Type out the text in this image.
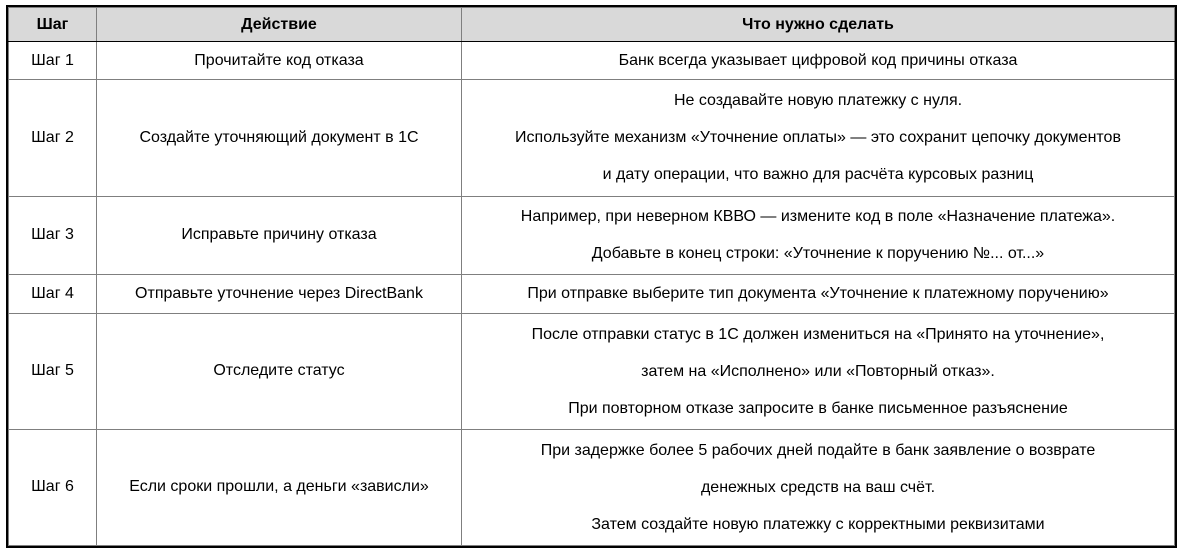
Шаг	Действие	Что нужно сделать
Шаг 1	Прочитайте код отказа	Банк всегда указывает цифровой код причины отказа

Шаг 2	Создайте уточняющий документ в 1С	Не создавайте новую платежку с нуля.
Используйте механизм «Уточнение оплаты» — это сохранит цепочку документов
и дату операции, что важно для расчёта курсовых разниц

Шаг 3	Исправьте причину отказа	Например, при неверном КВВО — измените код в поле «Назначение платежа».
Добавьте в конец строки: «Уточнение к поручению №... от...»

Шаг 4	Отправьте уточнение через DirectBank	При отправке выберите тип документа «Уточнение к платежному поручению»

Шаг 5	Отследите статус	После отправки статус в 1С должен измениться на «Принято на уточнение»,
затем на «Исполнено» или «Повторный отказ».
При повторном отказе запросите в банке письменное разъяснение

Шаг 6	Если сроки прошли, а деньги «зависли»	При задержке более 5 рабочих дней подайте в банк заявление о возврате
денежных средств на ваш счёт.
Затем создайте новую платежку с корректными реквизитами
